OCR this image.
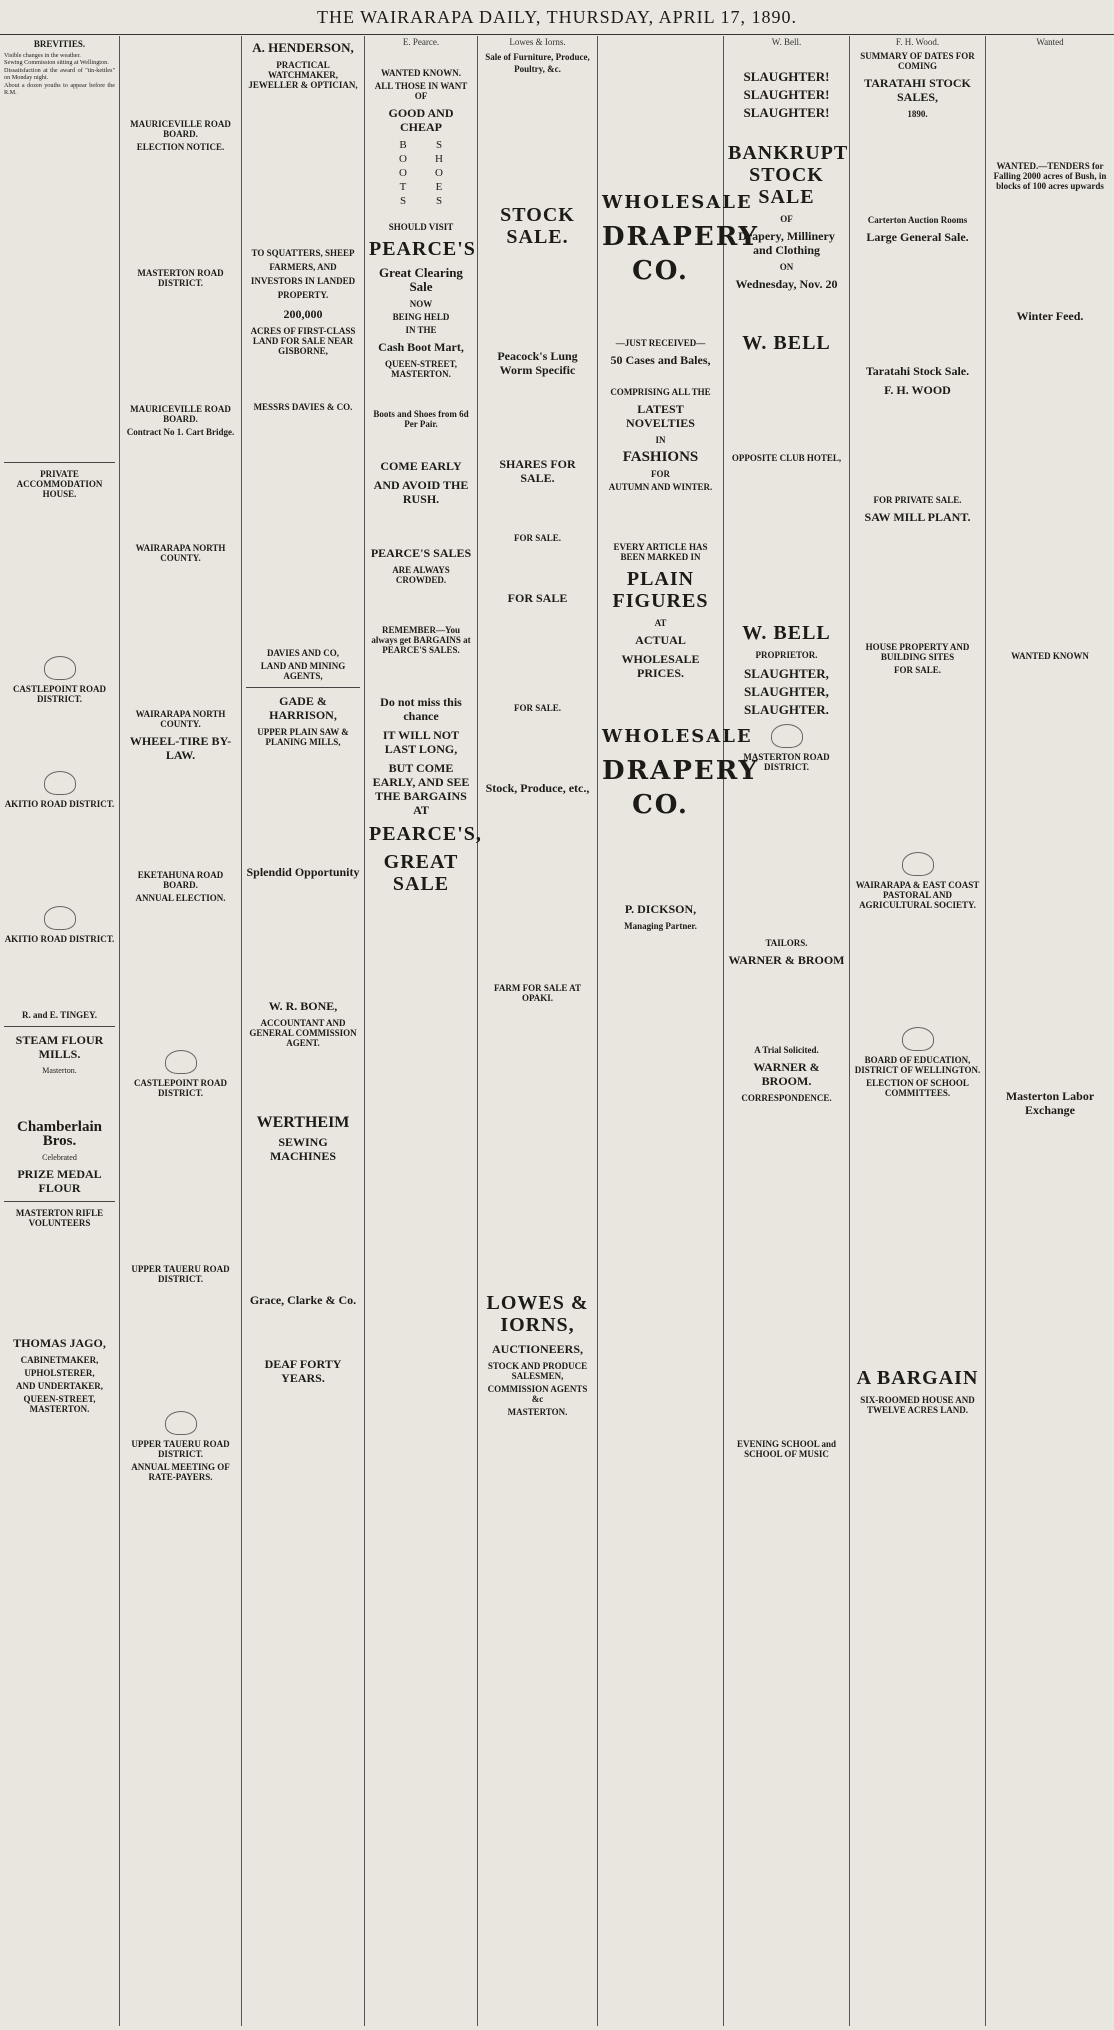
THE WAIRARAPA DAILY, THURSDAY, APRIL 17, 1890.
BREVITIES.
Visible changes in the weather.
Sewing Commission sitting at Wellington.
Dissatisfaction at the award of "tin-kettles" on Monday night.
About a dozen youths to appear before the R.M.
PRIVATE ACCOMMODATION HOUSE.
CASTLEPOINT ROAD DISTRICT.
AKITIO ROAD DISTRICT.
AKITIO ROAD DISTRICT.
R. and E. TINGEY.
STEAM FLOUR MILLS.
Masterton.
Chamberlain Bros.
Celebrated
PRIZE MEDAL FLOUR
MASTERTON RIFLE VOLUNTEERS
THOMAS JAGO,
CABINETMAKER,
UPHOLSTERER,
AND UNDERTAKER,
QUEEN-STREET, MASTERTON.
MAURICEVILLE ROAD BOARD.
ELECTION NOTICE.
MASTERTON ROAD DISTRICT.
MAURICEVILLE ROAD BOARD.
Contract No 1. Cart Bridge.
WAIRARAPA NORTH COUNTY.
WAIRARAPA NORTH COUNTY.
WHEEL-TIRE BY-LAW.
EKETAHUNA ROAD BOARD.
ANNUAL ELECTION.
CASTLEPOINT ROAD DISTRICT.
UPPER TAUERU ROAD DISTRICT.
UPPER TAUERU ROAD DISTRICT.
ANNUAL MEETING OF RATE-PAYERS.
A. HENDERSON,
PRACTICAL WATCHMAKER, JEWELLER & OPTICIAN,
TO SQUATTERS, SHEEP FARMERS, AND INVESTORS IN LANDED PROPERTY.
200,000
ACRES OF FIRST-CLASS LAND FOR SALE NEAR GISBORNE,
MESSRS DAVIES & CO.
DAVIES AND CO,
LAND AND MINING AGENTS,
GADE & HARRISON,
UPPER PLAIN SAW & PLANING MILLS,
Splendid Opportunity
W. R. BONE,
ACCOUNTANT AND GENERAL COMMISSION AGENT.
WERTHEIM
SEWING MACHINES
Grace, Clarke & Co.
DEAF FORTY YEARS.
E. Pearce.
WANTED KNOWN.
ALL THOSE IN WANT OF
GOOD AND CHEAP
BOOTS SHOES
SHOULD VISIT
PEARCE'S
Great Clearing Sale
NOW
BEING HELD
IN THE
Cash Boot Mart,
QUEEN-STREET, MASTERTON.
Boots and Shoes from 6d Per Pair.
COME EARLY
AND AVOID THE RUSH.
PEARCE'S SALES
ARE ALWAYS CROWDED.
REMEMBER—You always get BARGAINS at PEARCE'S SALES.
Do not miss this chance
IT WILL NOT LAST LONG,
BUT COME EARLY, AND SEE THE BARGAINS AT
PEARCE'S,
GREAT SALE
Lowes & Iorns.
Sale of Furniture, Produce, Poultry, &c.
STOCK SALE.
Peacock's Lung Worm Specific
SHARES FOR SALE.
FOR SALE.
FOR SALE
FOR SALE.
Stock, Produce, etc.,
FARM FOR SALE AT OPAKI.
LOWES & IORNS,
AUCTIONEERS,
STOCK AND PRODUCE SALESMEN,
COMMISSION AGENTS &c
MASTERTON.
WHOLESALE
DRAPERY
CO.
—JUST RECEIVED—
50 Cases and Bales,
COMPRISING ALL THE
LATEST NOVELTIES
IN
FASHIONS
FOR
AUTUMN AND WINTER.
EVERY ARTICLE HAS BEEN MARKED IN
PLAIN FIGURES
AT
ACTUAL
WHOLESALE PRICES.
WHOLESALE
DRAPERY
CO.
P. DICKSON,
Managing Partner.
W. Bell.
SLAUGHTER! SLAUGHTER! SLAUGHTER!
BANKRUPT STOCK SALE
OF
Drapery, Millinery and Clothing
ON
Wednesday, Nov. 20
W. BELL
OPPOSITE CLUB HOTEL,
W. BELL
PROPRIETOR.
SLAUGHTER, SLAUGHTER, SLAUGHTER.
MASTERTON ROAD DISTRICT.
TAILORS.
WARNER & BROOM
A Trial Solicited.
WARNER & BROOM.
CORRESPONDENCE.
EVENING SCHOOL and SCHOOL OF MUSIC
F. H. Wood.
SUMMARY OF DATES FOR COMING
TARATAHI STOCK SALES,
1890.
Carterton Auction Rooms
Large General Sale.
Taratahi Stock Sale.
F. H. WOOD
FOR PRIVATE SALE.
SAW MILL PLANT.
HOUSE PROPERTY AND BUILDING SITES
FOR SALE.
WAIRARAPA & EAST COAST PASTORAL AND AGRICULTURAL SOCIETY.
BOARD OF EDUCATION, DISTRICT OF WELLINGTON.
ELECTION OF SCHOOL COMMITTEES.
A BARGAIN
SIX-ROOMED HOUSE AND TWELVE ACRES LAND.
Wanted
WANTED.—TENDERS for Falling 2000 acres of Bush, in blocks of 100 acres upwards
Winter Feed.
WANTED KNOWN
Masterton Labor Exchange
